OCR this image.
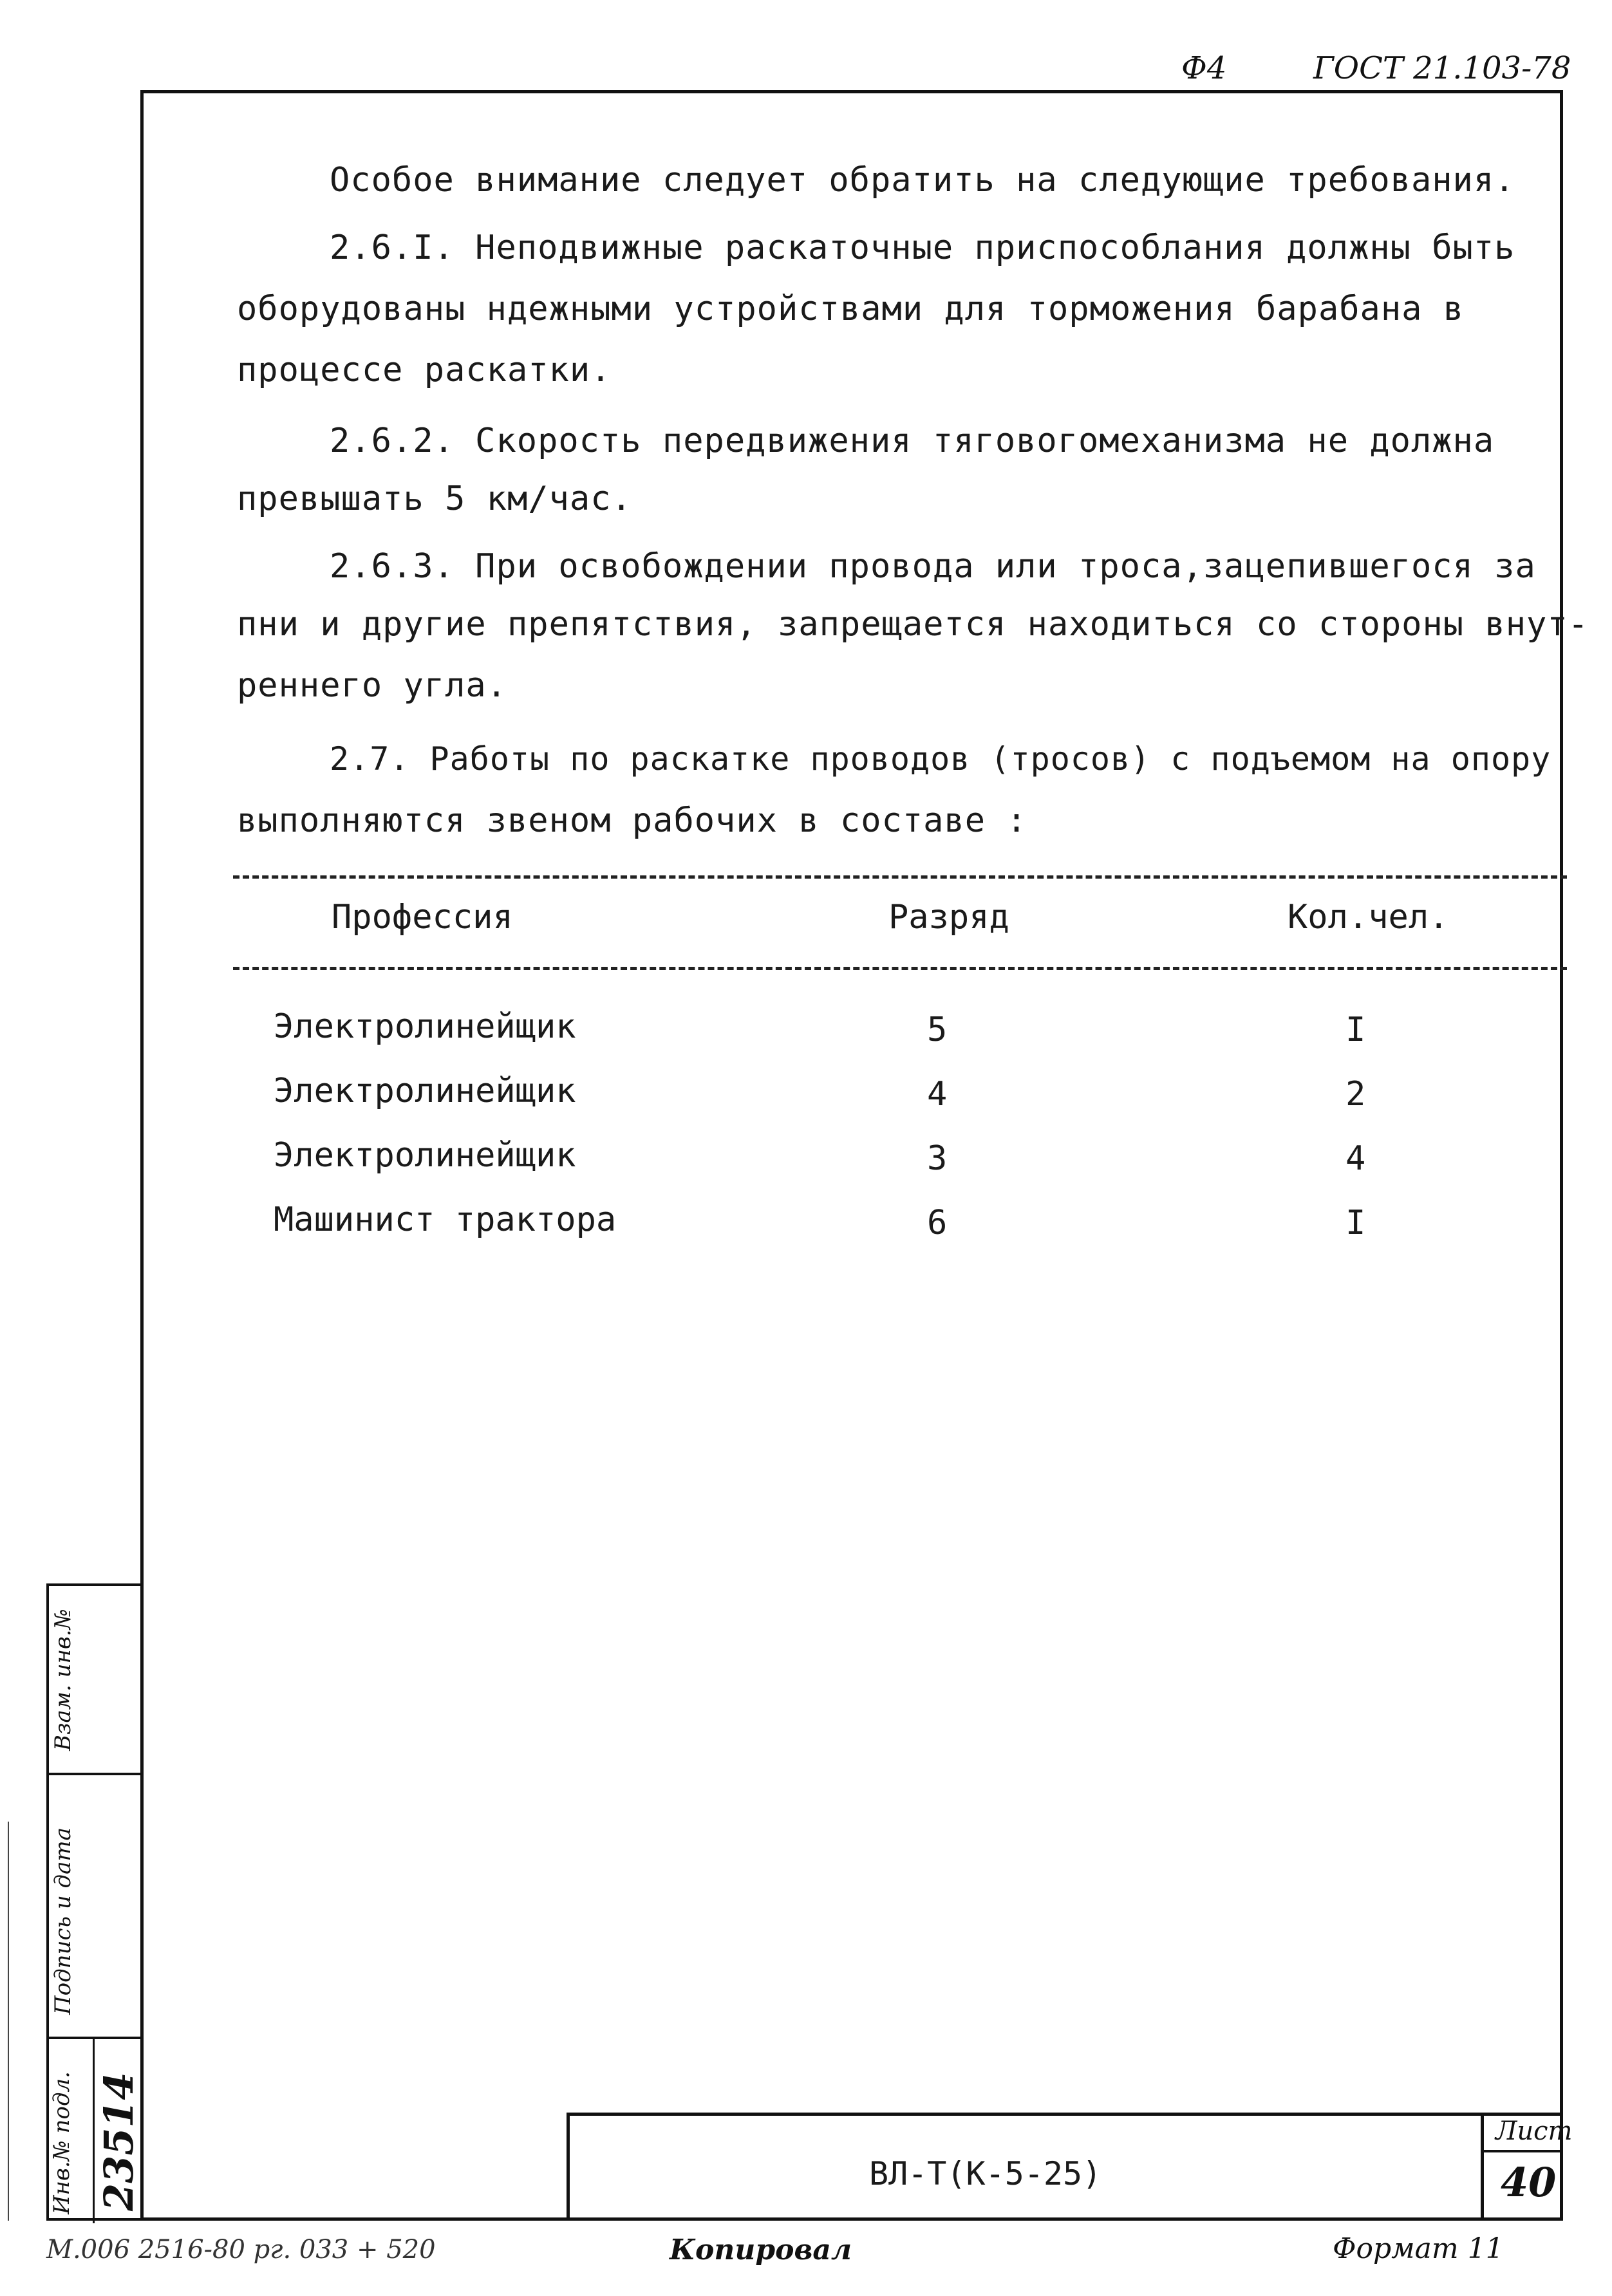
Ф4	ГОСТ 21.103-78
Особое внимание следует обратить на следующие требования.
2.6.I. Неподвижные раскаточные приспособлания должны быть
оборудованы ндежными устройствами для торможения барабана в
процессе раскатки.
2.6.2. Скорость передвижения тяговогомеханизма не должна
превышать 5 км/час.
2.6.3. При освобождении провода или троса,зацепившегося за
пни и другие препятствия, запрещается находиться со стороны внут-
реннего угла.
2.7. Работы по раскатке проводов (тросов) с подъемом на опору
выполняются звеном рабочих в составе :
Профессия	Разряд	Кол.чел.
Электролинейщик	5	I
Электролинейщик	4	2
Электролинейщик	3	4
Машинист трактора	6	I
ВЛ-Т(К-5-25)
Лист
40
Взам. инв.№
Подпись и дата
Инв.№ подл. 23514
М.006 2516-80 рг. 033 + 520	Копировал	Формат 11
